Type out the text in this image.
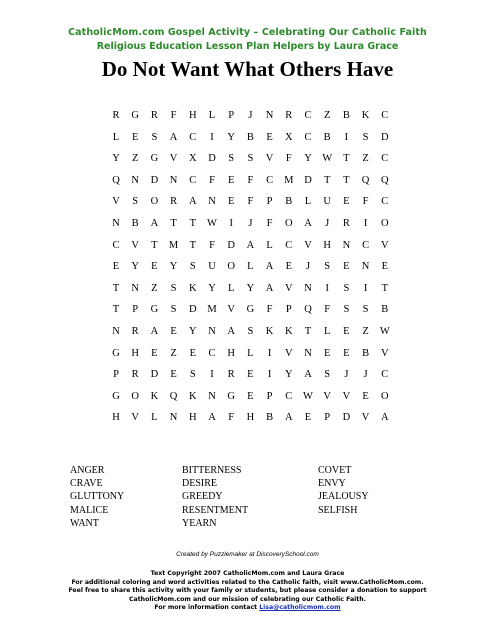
CatholicMom.com Gospel Activity – Celebrating Our Catholic Faith
Religious Education Lesson Plan Helpers by Laura Grace
Do Not Want What Others Have
R	G	R	F	H	L	P	J	N	R	C	Z	B	K	C
L	E	S	A	C	I	Y	B	E	X	C	B	I	S	D
Y	Z	G	V	X	D	S	S	V	F	Y W	T	Z	C
Q	N	D	N	C	F	E	F	C	M	D	T	T	Q	Q
V	S	O	R	A	N	E	F	P	B	L	U	E	F	C
N	B	A	T	T	W	I	J	F	O	A	J	R	I	O
C	V	T	M	T	F	D	A	L	C	V	H	N	C	V
E	Y	E	Y	S	U	O	L	A	E	J	S	E	N	E
T	N	Z	S	K	Y	L	Y	A	V	N	I	S	I	T
T	P	G	S	D	M	V	G	F	P	Q	F	S	S	B
N	R	A	E	Y	N	A	S	K	K	T	L	E	Z	W
G	H	E	Z	E	C	H	L	I	V	N	E	E	B	V
P	R	D	E	S	I	R	E	I	Y	A	S	J	J	C
G	O	K	Q	K	N	G	E	P	C	W V	V	E	O
H	V	L	N	H	A	F	H	B	A	E	P	D	V	A
ANGER	BITTERNESS	COVET
CRAVE	DESIRE	ENVY
GLUTTONY	GREEDY	JEALOUSY
MALICE	RESENTMENT	SELFISH
WANT	YEARN
Created by Puzzlemaker at DiscoverySchool.com
Text Copyright 2007 CatholicMom.com and Laura Grace
For additional coloring and word activities related to the Catholic faith, visit www.CatholicMom.com.
Feel free to share this activity with your family or students, but please consider a donation to support
CatholicMom.com and our mission of celebrating our Catholic Faith.
For more information contact Lisa@catholicmom.com
